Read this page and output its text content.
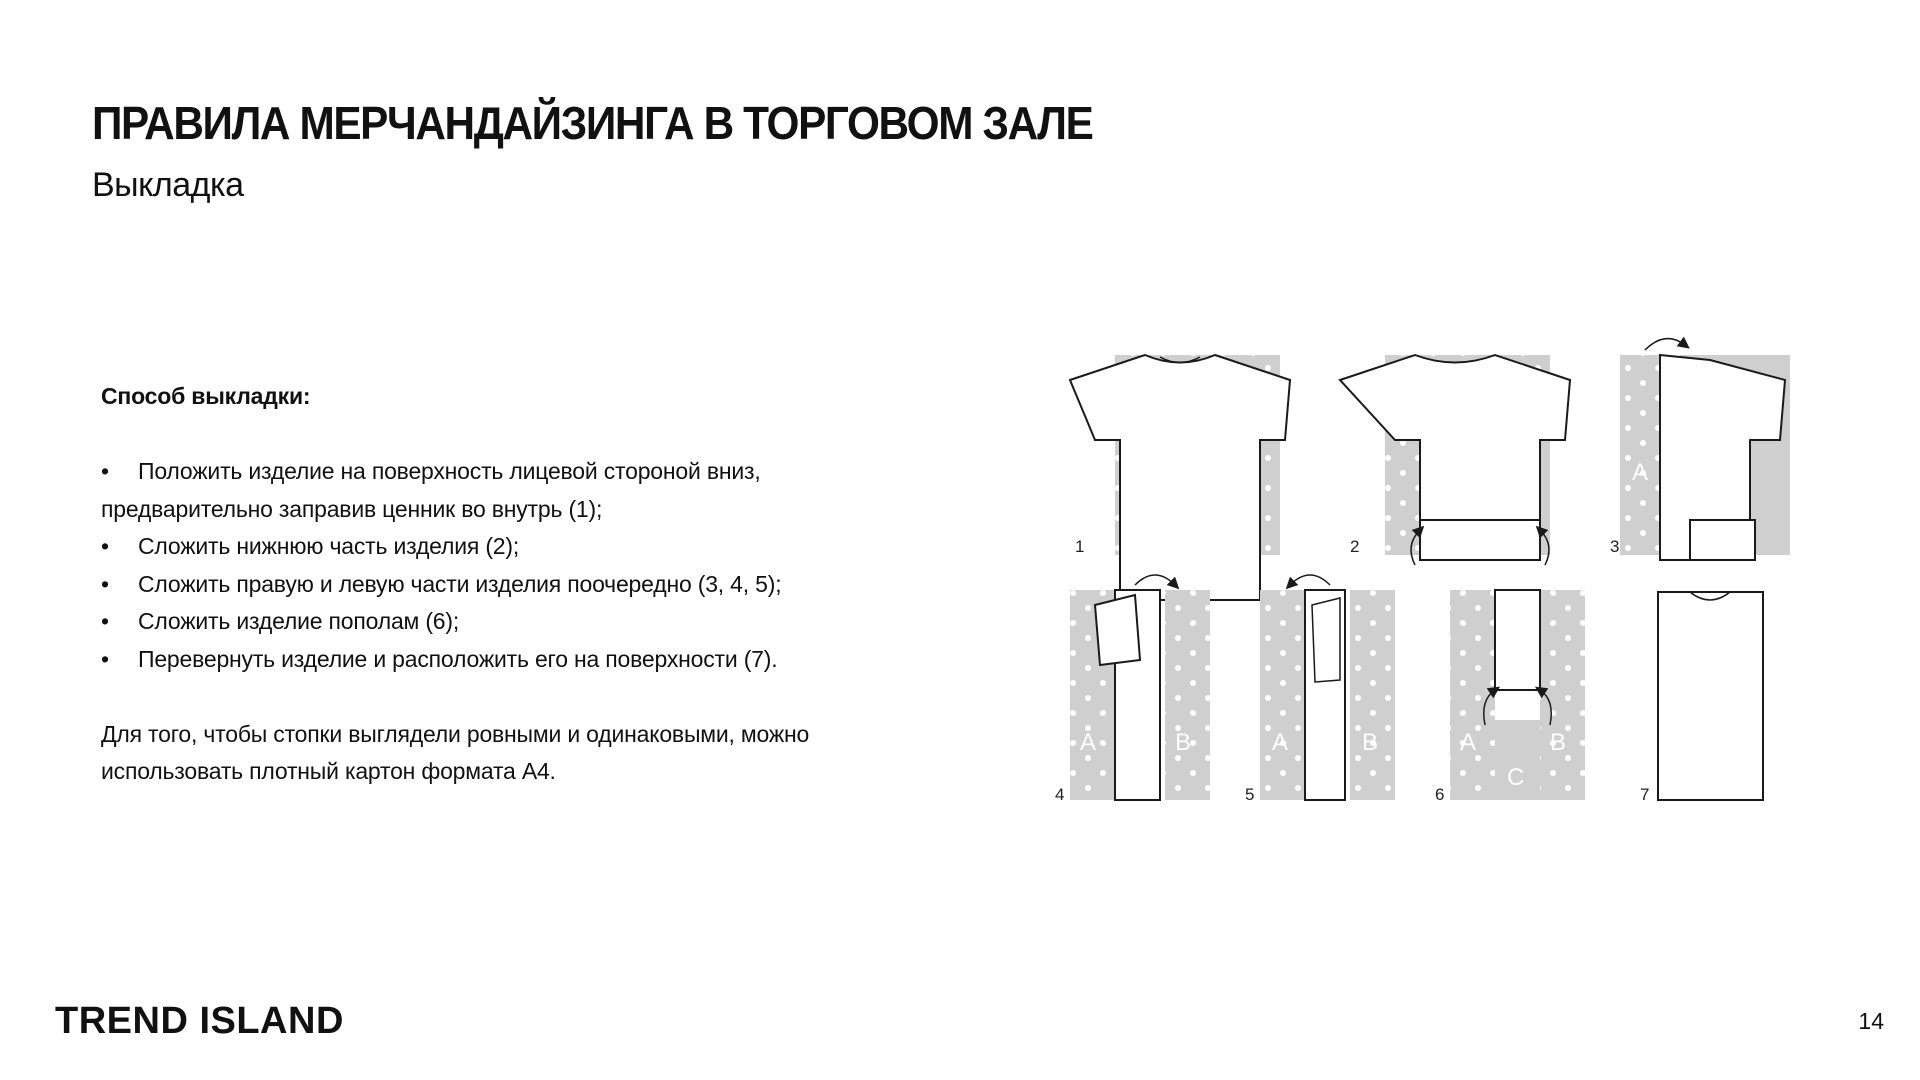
ПРАВИЛА МЕРЧАНДАЙЗИНГА В ТОРГОВОМ ЗАЛЕ
Выкладка

Способ выкладки:

• Положить изделие на поверхность лицевой стороной вниз,
предварительно заправив ценник во внутрь (1);
• Сложить нижнюю часть изделия (2);
• Сложить правую и левую части изделия поочередно (3, 4, 5);
• Сложить изделие пополам (6);
• Перевернуть изделие и расположить его на поверхности (7).

Для того, чтобы стопки выглядели ровными и одинаковыми, можно

использовать плотный картон формата А4.

1	2
A
3
A	B
4
A	B
5
A	B
C
6	7
TREND ISLAND	14
